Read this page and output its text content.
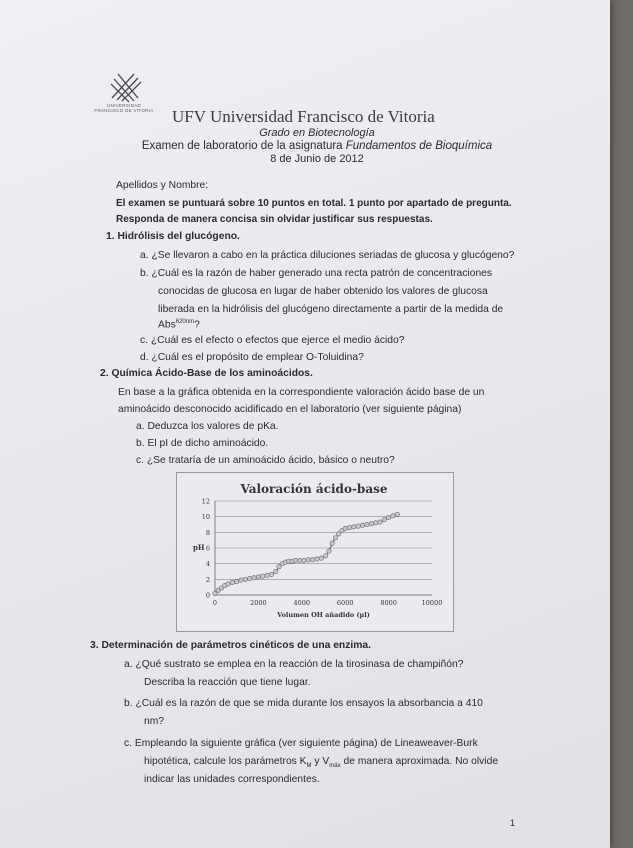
UNIVERSIDAD
FRANCISCO DE VITORIA	UFV Universidad Francisco de Vitoria
Grado en Biotecnología
Examen de laboratorio de la asignatura Fundamentos de Bioquímica
8 de Junio de 2012
Apellidos y Nombre:
El examen se puntuará sobre 10 puntos en total. 1 punto por apartado de pregunta.
Responda de manera concisa sin olvidar justificar sus respuestas.
1. Hidrólisis del glucógeno.
a. ¿Se llevaron a cabo en la práctica diluciones seriadas de glucosa y glucógeno?
b. ¿Cuál es la razón de haber generado una recta patrón de concentraciones
conocidas de glucosa en lugar de haber obtenido los valores de glucosa
liberada en la hidrólisis del glucógeno directamente a partir de la medida de
Abs$^{620nm}$?
c. ¿Cuál es el efecto o efectos que ejerce el medio ácido?
d. ¿Cuál es el propósito de emplear O-Toluidina?
2. Química Ácido-Base de los aminoácidos.
En base a la gráfica obtenida en la correspondiente valoración ácido base de un
aminoácido desconocido acidificado en el laboratorio (ver siguiente página)
a. Deduzca los valores de pKa.
b. El pI de dicho aminoácido.
c. ¿Se trataría de un aminoácido ácido, básico o neutro?
Valoración ácido-base
0
2
4
6
8
10
12
0	2000	4000	6000	8000	10000
pH
Volumen OH añadido (µl)
3. Determinación de parámetros cinéticos de una enzima.
a. ¿Qué sustrato se emplea en la reacción de la tirosinasa de champiñón?
Describa la reacción que tiene lugar.
b. ¿Cuál es la razón de que se mida durante los ensayos la absorbancia a 410
nm?
c. Empleando la siguiente gráfica (ver siguiente página) de Lineaweaver-Burk
hipotética, calcule los parámetros $K_M$ y $V_{máx}$ de manera aproximada. No olvide
indicar las unidades correspondientes.
1
